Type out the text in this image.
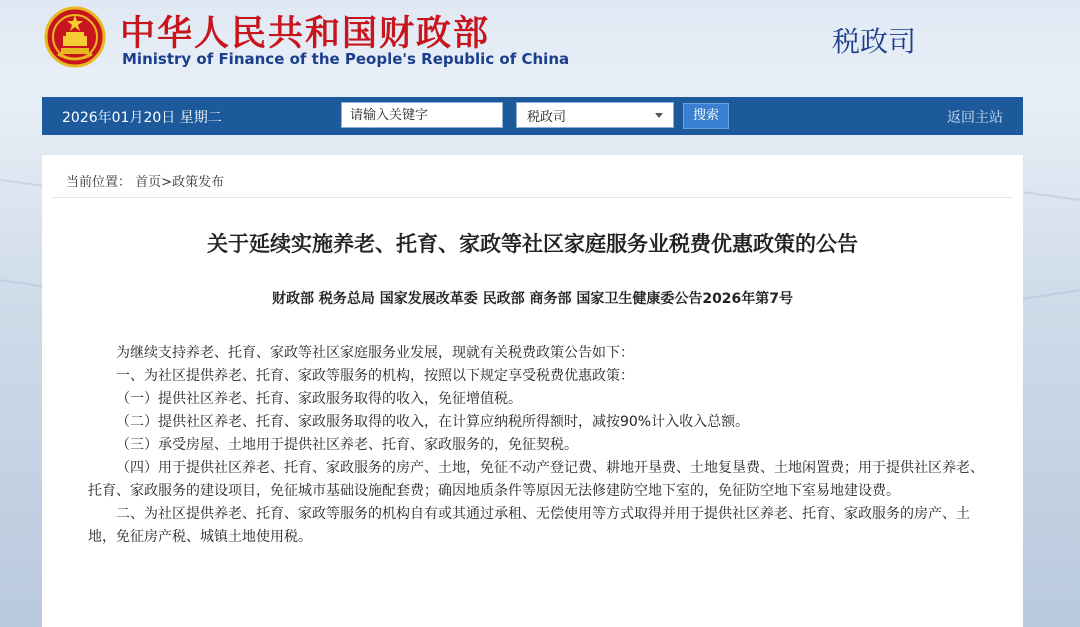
中华人民共和国财政部
Ministry of Finance of the People's Republic of China
税政司
2026年01月20日 星期二
请输入关键字	税政司	搜索	返回主站
当前位置： 首页>政策发布
关于延续实施养老、托育、家政等社区家庭服务业税费优惠政策的公告
财政部 税务总局 国家发展改革委 民政部 商务部 国家卫生健康委公告2026年第7号

为继续支持养老、托育、家政等社区家庭服务业发展，现就有关税费政策公告如下：

一、为社区提供养老、托育、家政等服务的机构，按照以下规定享受税费优惠政策：

（一）提供社区养老、托育、家政服务取得的收入，免征增值税。

（二）提供社区养老、托育、家政服务取得的收入，在计算应纳税所得额时，减按90%计入收入总额。

（三）承受房屋、土地用于提供社区养老、托育、家政服务的，免征契税。

（四）用于提供社区养老、托育、家政服务的房产、土地，免征不动产登记费、耕地开垦费、土地复垦费、土地闲置费；用于提供社区养老、托育、家政服务的建设项目，免征城市基础设施配套费；确因地质条件等原因无法修建防空地下室的，免征防空地下室易地建设费。

二、为社区提供养老、托育、家政等服务的机构自有或其通过承租、无偿使用等方式取得并用于提供社区养老、托育、家政服务的房产、土地，免征房产税、城镇土地使用税。
